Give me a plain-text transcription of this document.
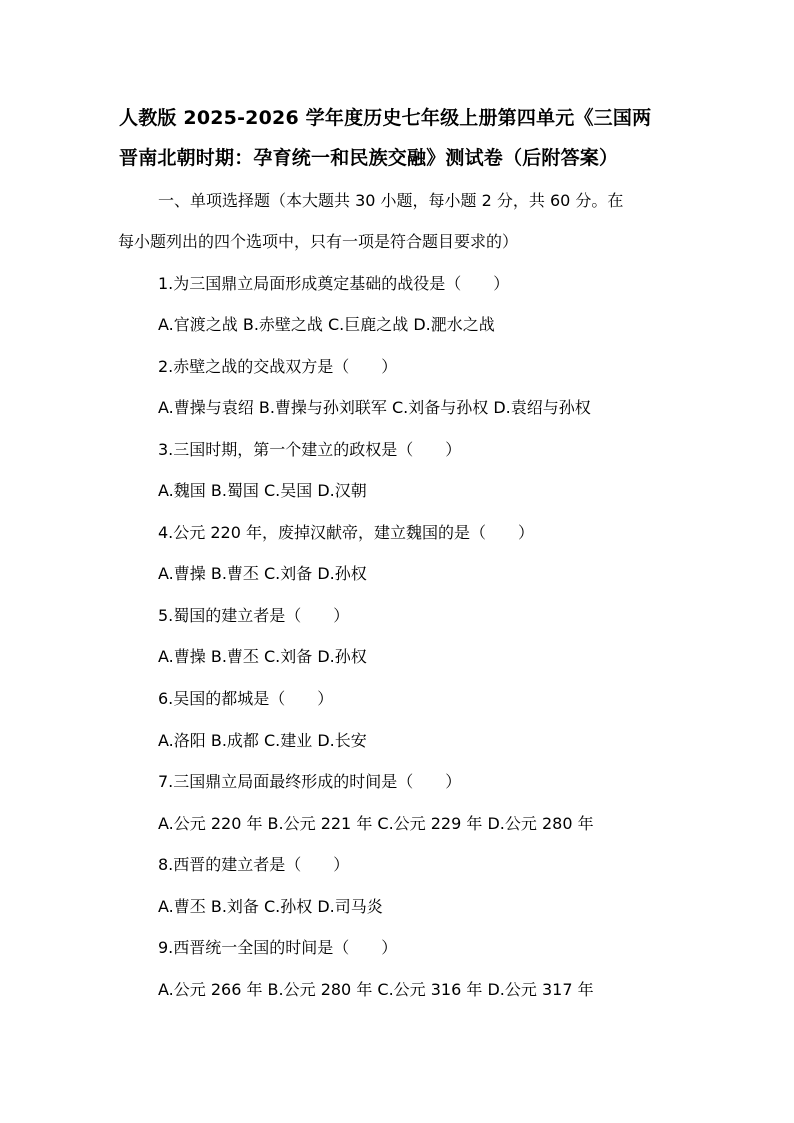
人教版 2025-2026 学年度历史七年级上册第四单元《三国两
晋南北朝时期：孕育统一和民族交融》测试卷（后附答案）
一、单项选择题（本大题共 30 小题，每小题 2 分，共 60 分。在
每小题列出的四个选项中，只有一项是符合题目要求的）
1.为三国鼎立局面形成奠定基础的战役是（　　）
A.官渡之战 B.赤壁之战 C.巨鹿之战 D.淝水之战
2.赤壁之战的交战双方是（　　）
A.曹操与袁绍 B.曹操与孙刘联军 C.刘备与孙权 D.袁绍与孙权
3.三国时期，第一个建立的政权是（　　）
A.魏国 B.蜀国 C.吴国 D.汉朝
4.公元 220 年，废掉汉献帝，建立魏国的是（　　）
A.曹操 B.曹丕 C.刘备 D.孙权
5.蜀国的建立者是（　　）
A.曹操 B.曹丕 C.刘备 D.孙权
6.吴国的都城是（　　）
A.洛阳 B.成都 C.建业 D.长安
7.三国鼎立局面最终形成的时间是（　　）
A.公元 220 年 B.公元 221 年 C.公元 229 年 D.公元 280 年
8.西晋的建立者是（　　）
A.曹丕 B.刘备 C.孙权 D.司马炎
9.西晋统一全国的时间是（　　）
A.公元 266 年 B.公元 280 年 C.公元 316 年 D.公元 317 年
